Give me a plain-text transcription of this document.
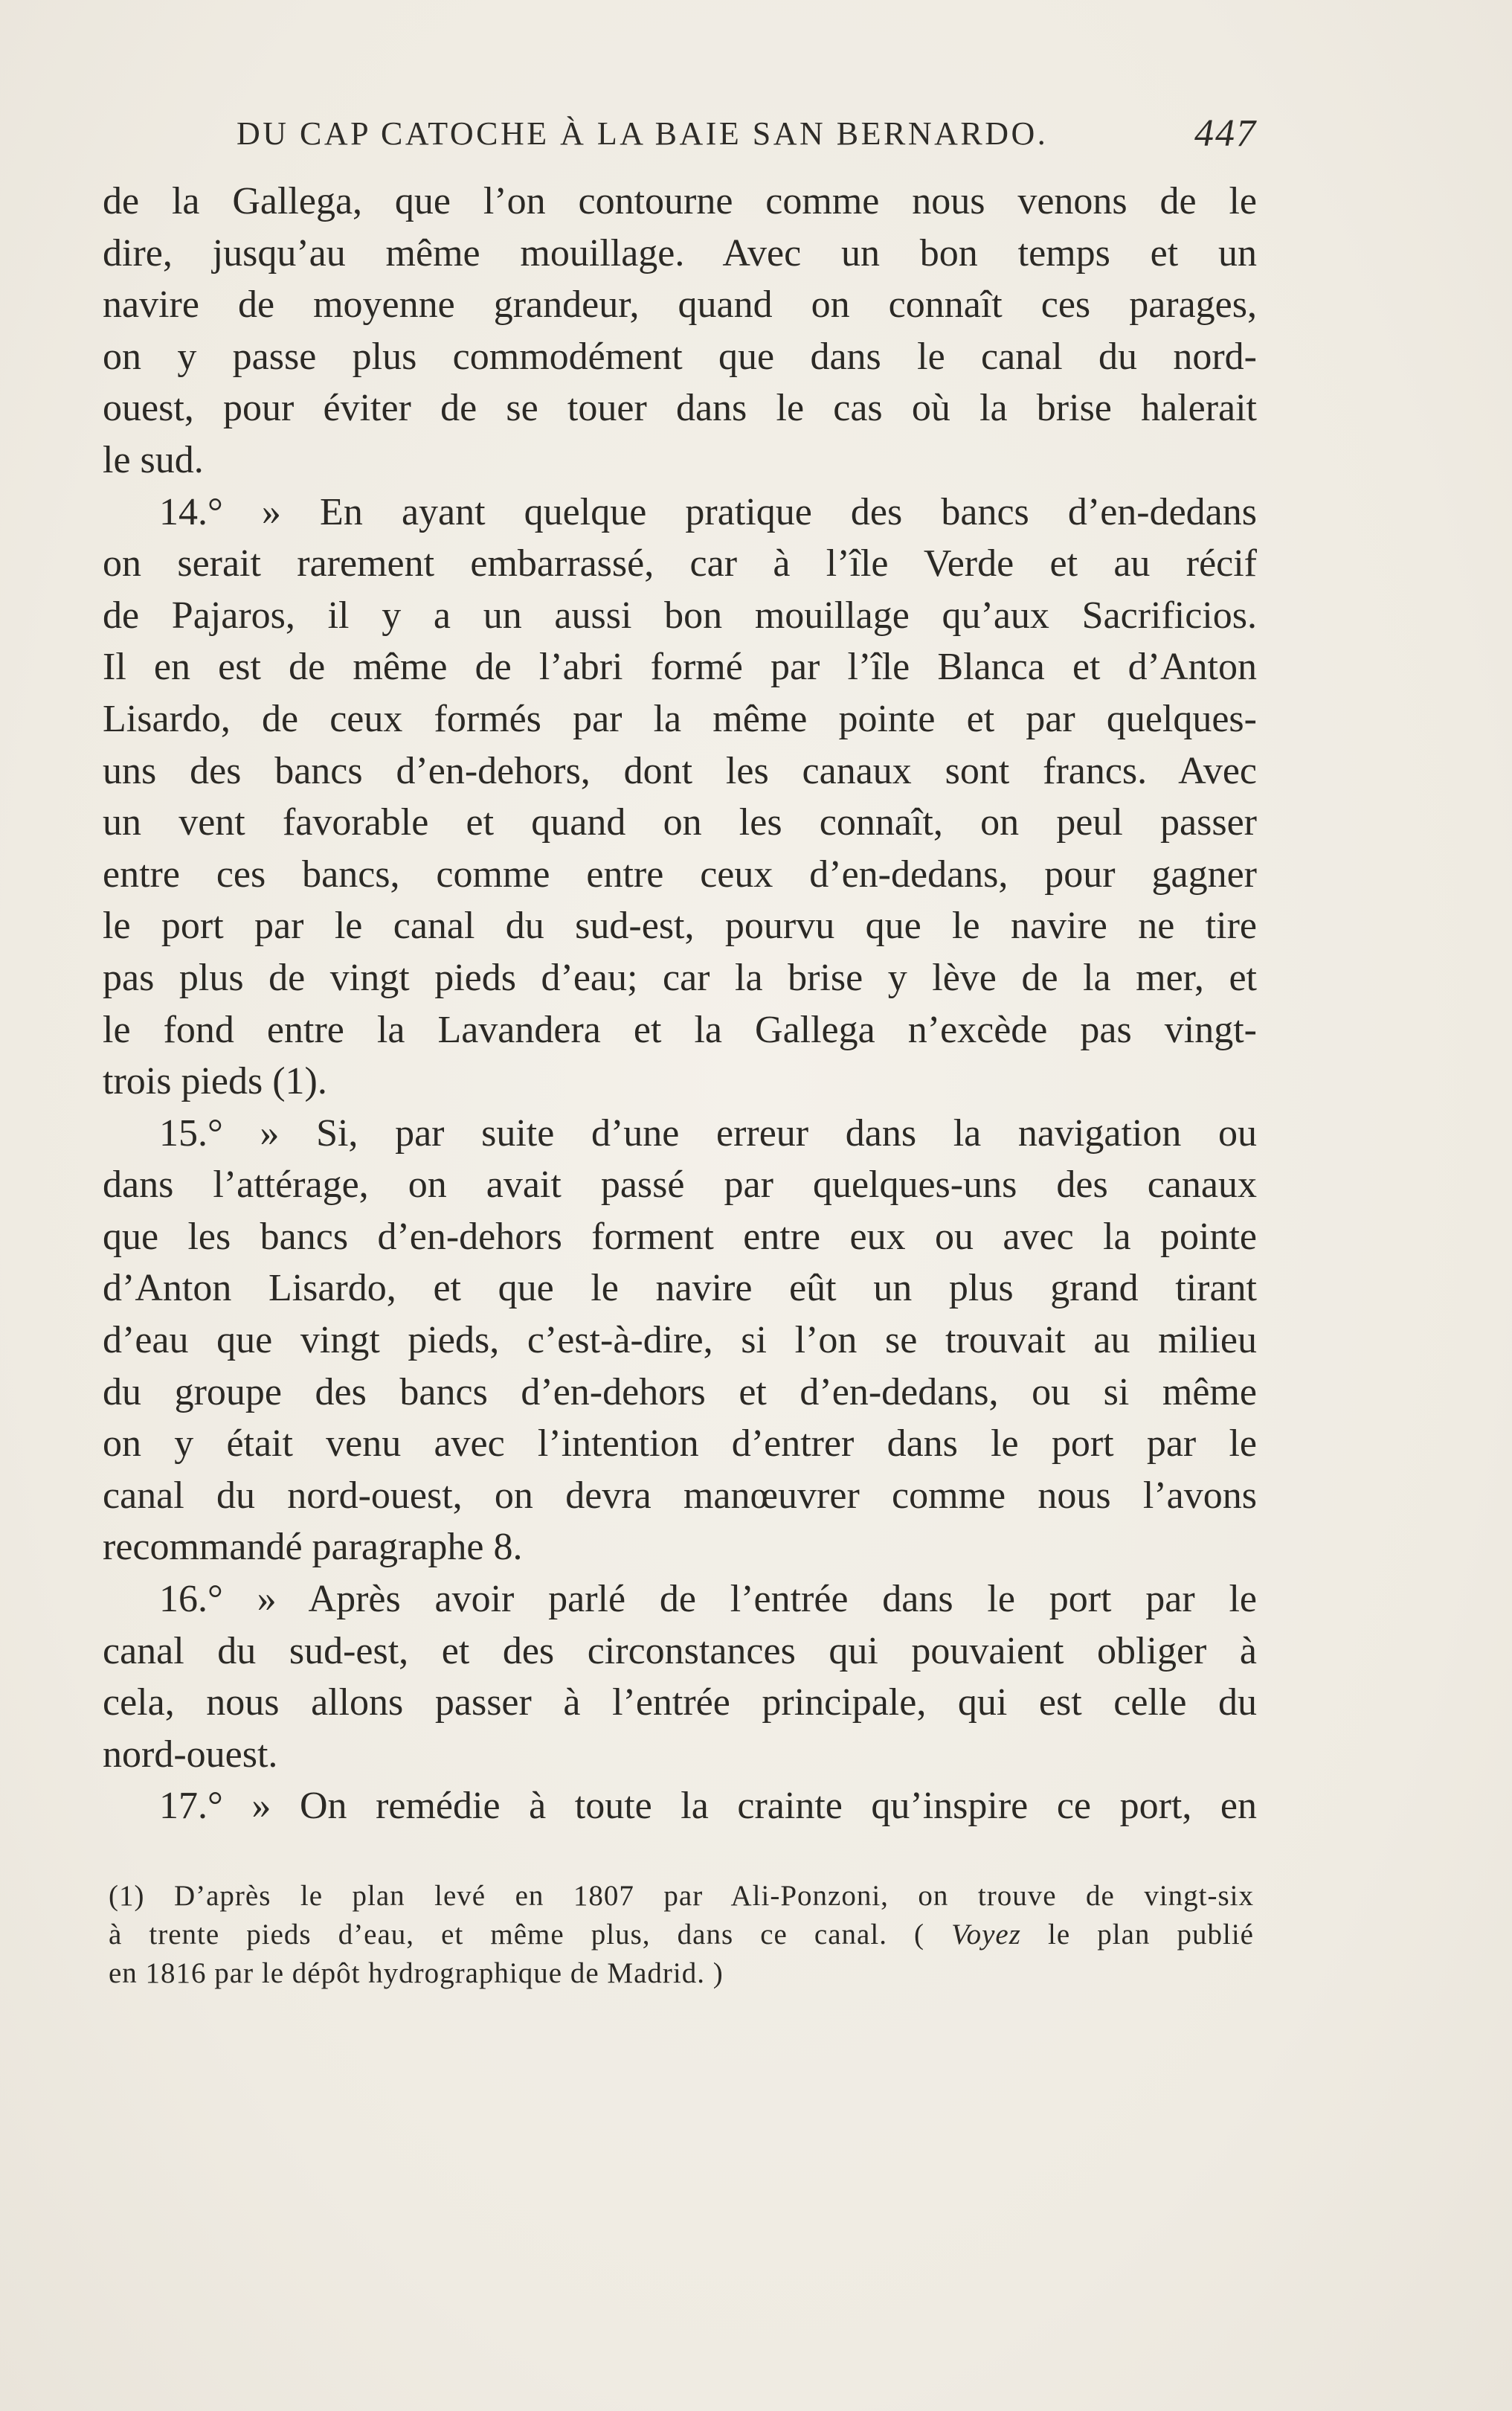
DU CAP CATOCHE À LA BAIE SAN BERNARDO.	447
de la Gallega, que l’on contourne comme nous venons de le
dire, jusqu’au même mouillage. Avec un bon temps et un
navire de moyenne grandeur, quand on connaît ces parages,
on y passe plus commodément que dans le canal du nord-
ouest, pour éviter de se touer dans le cas où la brise halerait
le sud.
14.° » En ayant quelque pratique des bancs d’en-dedans
on serait rarement embarrassé, car à l’île Verde et au récif
de Pajaros, il y a un aussi bon mouillage qu’aux Sacrificios.
Il en est de même de l’abri formé par l’île Blanca et d’Anton
Lisardo, de ceux formés par la même pointe et par quelques-
uns des bancs d’en-dehors, dont les canaux sont francs. Avec
un vent favorable et quand on les connaît, on peul passer
entre ces bancs, comme entre ceux d’en-dedans, pour gagner
le port par le canal du sud-est, pourvu que le navire ne tire
pas plus de vingt pieds d’eau; car la brise y lève de la mer, et
le fond entre la Lavandera et la Gallega n’excède pas vingt-
trois pieds (1).
15.° » Si, par suite d’une erreur dans la navigation ou
dans l’attérage, on avait passé par quelques-uns des canaux
que les bancs d’en-dehors forment entre eux ou avec la pointe
d’Anton Lisardo, et que le navire eût un plus grand tirant
d’eau que vingt pieds, c’est-à-dire, si l’on se trouvait au milieu
du groupe des bancs d’en-dehors et d’en-dedans, ou si même
on y était venu avec l’intention d’entrer dans le port par le
canal du nord-ouest, on devra manœuvrer comme nous l’avons
recommandé paragraphe 8.
16.° » Après avoir parlé de l’entrée dans le port par le
canal du sud-est, et des circonstances qui pouvaient obliger à
cela, nous allons passer à l’entrée principale, qui est celle du
nord-ouest.
17.° » On remédie à toute la crainte qu’inspire ce port, en
(1) D’après le plan levé en 1807 par Ali-Ponzoni, on trouve de vingt-six
à trente pieds d’eau, et même plus, dans ce canal. ( Voyez le plan publié
en 1816 par le dépôt hydrographique de Madrid. )
